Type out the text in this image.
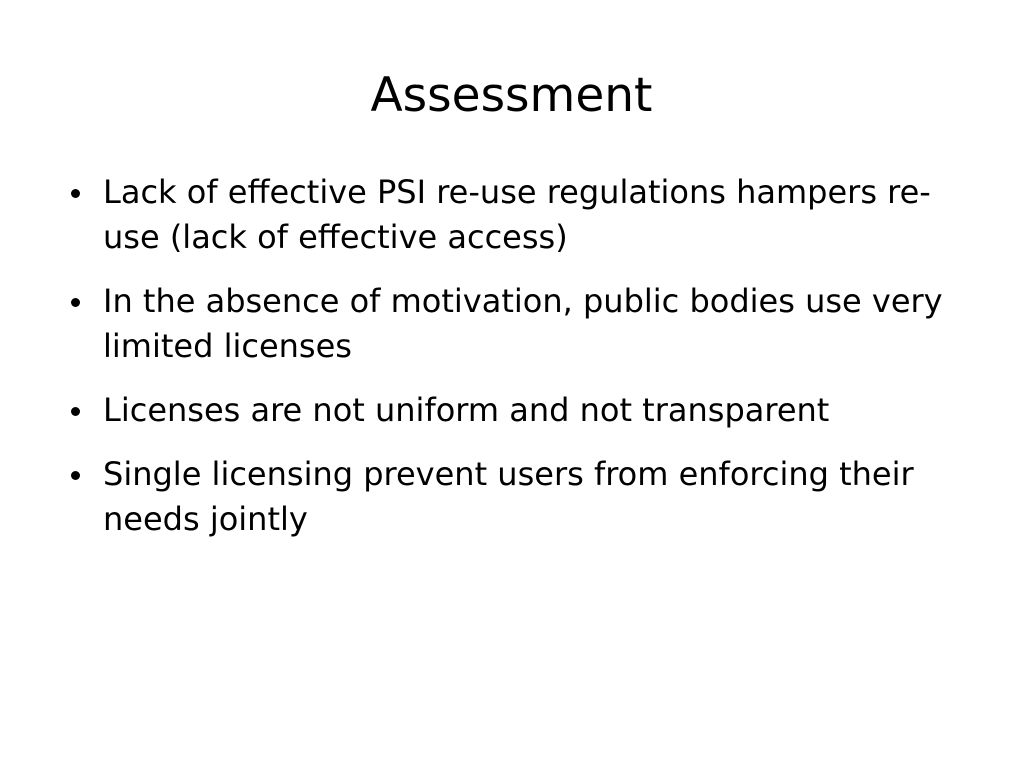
Assessment
Lack of effective PSI re-use regulations hampers re-use (lack of effective access)
In the absence of motivation, public bodies use very limited licenses
Licenses are not uniform and not transparent
Single licensing prevent users from enforcing their needs jointly
